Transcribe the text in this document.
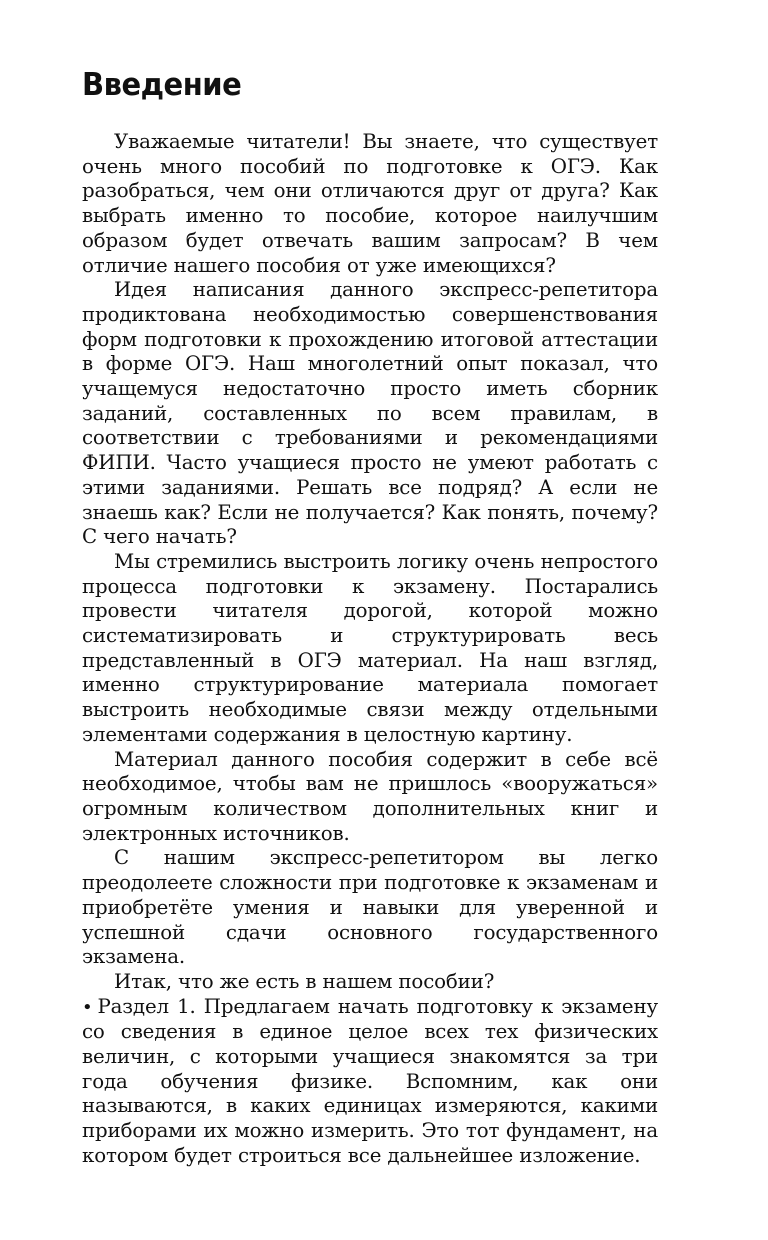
Введение

Уважаемые читатели! Вы знаете, что существует очень много пособий по подготовке к ОГЭ. Как разобраться, чем они отличаются друг от друга? Как выбрать именно то пособие, которое наилучшим образом будет отвечать вашим запросам? В чем отличие нашего пособия от уже имеющихся?

Идея написания данного экспресс-репетитора продиктована необходимостью совершенствования форм подготовки к прохождению итоговой аттестации в форме ОГЭ. Наш многолетний опыт показал, что учащемуся недостаточно просто иметь сборник заданий, составленных по всем правилам, в соответствии с требованиями и рекомендациями ФИПИ. Часто учащиеся просто не умеют работать с этими заданиями. Решать все подряд? А если не знаешь как? Если не получается? Как понять, почему? С чего начать?

Мы стремились выстроить логику очень непростого процесса подготовки к экзамену. Постарались провести читателя дорогой, которой можно систематизировать и структурировать весь представленный в ОГЭ материал. На наш взгляд, именно структурирование материала помогает выстроить необходимые связи между отдельными элементами содержания в целостную картину.

Материал данного пособия содержит в себе всё необходимое, чтобы вам не пришлось «вооружаться» огромным количеством дополнительных книг и электронных источников.

С нашим экспресс-репетитором вы легко преодолеете сложности при подготовке к экзаменам и приобретёте умения и навыки для уверенной и успешной сдачи основного государственного экзамена.

Итак, что же есть в нашем пособии?

• Раздел 1. Предлагаем начать подготовку к экзамену со сведения в единое целое всех тех физических величин, с которыми учащиеся знакомятся за три года обучения физике. Вспомним, как они называются, в каких единицах измеряются, какими приборами их можно измерить. Это тот фундамент, на котором будет строиться все дальнейшее изложение.
